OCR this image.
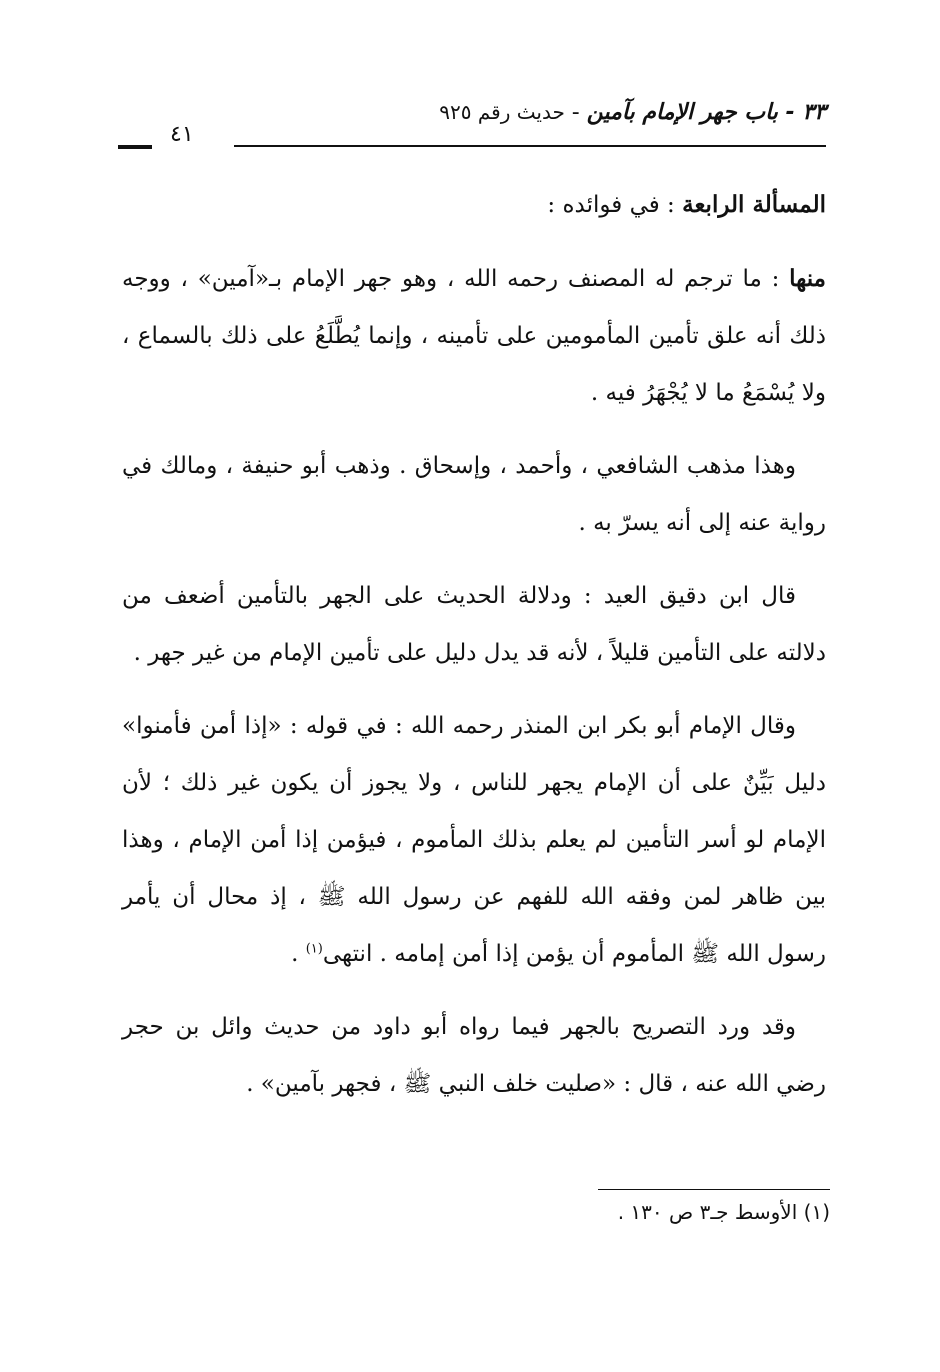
٣٣ - باب جهر الإمام بآمين - حديث رقم ٩٢٥
٤١

المسألة الرابعة : في فوائده :

منها : ما ترجم له المصنف رحمه الله ، وهو جهر الإمام بـ«آمين» ، ووجه ذلك أنه علق تأمين المأمومين على تأمينه ، وإنما يُطَّلَعُ على ذلك بالسماع ، ولا يُسْمَعُ ما لا يُجْهَرُ فيه .

وهذا مذهب الشافعي ، وأحمد ، وإسحاق . وذهب أبو حنيفة ، ومالك في رواية عنه إلى أنه يسرّ به .

قال ابن دقيق العيد : ودلالة الحديث على الجهر بالتأمين أضعف من دلالته على التأمين قليلاً ، لأنه قد يدل دليل على تأمين الإمام من غير جهر .

وقال الإمام أبو بكر ابن المنذر رحمه الله : في قوله : «إذا أمن فأمنوا» دليل بَيِّنٌ على أن الإمام يجهر للناس ، ولا يجوز أن يكون غير ذلك ؛ لأن الإمام لو أسر التأمين لم يعلم بذلك المأموم ، فيؤمن إذا أمن الإمام ، وهذا بين ظاهر لمن وفقه الله للفهم عن رسول الله ﷺ ، إذ محال أن يأمر رسول الله ﷺ المأموم أن يؤمن إذا أمن إمامه . انتهى$^{(١)}$ .

وقد ورد التصريح بالجهر فيما رواه أبو داود من حديث وائل بن حجر رضي الله عنه ، قال : «صليت خلف النبي ﷺ ، فجهر بآمين» .

(١) الأوسط جـ٣ ص ١٣٠ .
